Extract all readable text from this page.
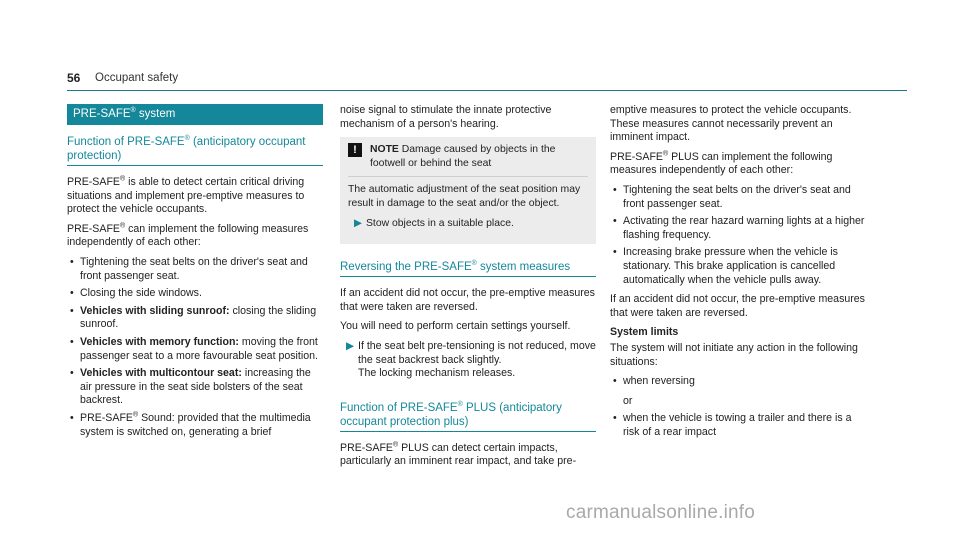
56 Occupant safety
PRE-SAFE® system
Function of PRE-SAFE® (anticipatory occupant protection)

PRE-SAFE® is able to detect certain critical driving situations and implement pre-emptive measures to protect the vehicle occupants.

PRE-SAFE® can implement the following measures independently of each other:

• Tightening the seat belts on the driver's seat and front passenger seat.
• Closing the side windows.
• Vehicles with sliding sunroof: closing the sliding sunroof.
• Vehicles with memory function: moving the front passenger seat to a more favourable seat position.
• Vehicles with multicontour seat: increasing the air pressure in the seat side bolsters of the seat backrest.
• PRE-SAFE® Sound: provided that the multimedia system is switched on, generating a brief

noise signal to stimulate the innate protective mechanism of a person's hearing.

!	NOTE Damage caused by objects in the footwell or behind the seat

The automatic adjustment of the seat position may result in damage to the seat and/or the object.

▶ Stow objects in a suitable place.
Reversing the PRE-SAFE® system measures

If an accident did not occur, the pre-emptive measures that were taken are reversed.

You will need to perform certain settings yourself.

▶ If the seat belt pre-tensioning is not reduced, move the seat backrest back slightly.
The locking mechanism releases.
Function of PRE-SAFE® PLUS (anticipatory occupant protection plus)

PRE-SAFE® PLUS can detect certain impacts, particularly an imminent rear impact, and take pre-

emptive measures to protect the vehicle occupants. These measures cannot necessarily prevent an imminent impact.

PRE-SAFE® PLUS can implement the following measures independently of each other:

• Tightening the seat belts on the driver's seat and front passenger seat.
• Activating the rear hazard warning lights at a higher flashing frequency.
• Increasing brake pressure when the vehicle is stationary. This brake application is cancelled automatically when the vehicle pulls away.

If an accident did not occur, the pre-emptive measures that were taken are reversed.

System limits

The system will not initiate any action in the following situations:

• when reversing
or
• when the vehicle is towing a trailer and there is a risk of a rear impact
carmanualsonline.info
